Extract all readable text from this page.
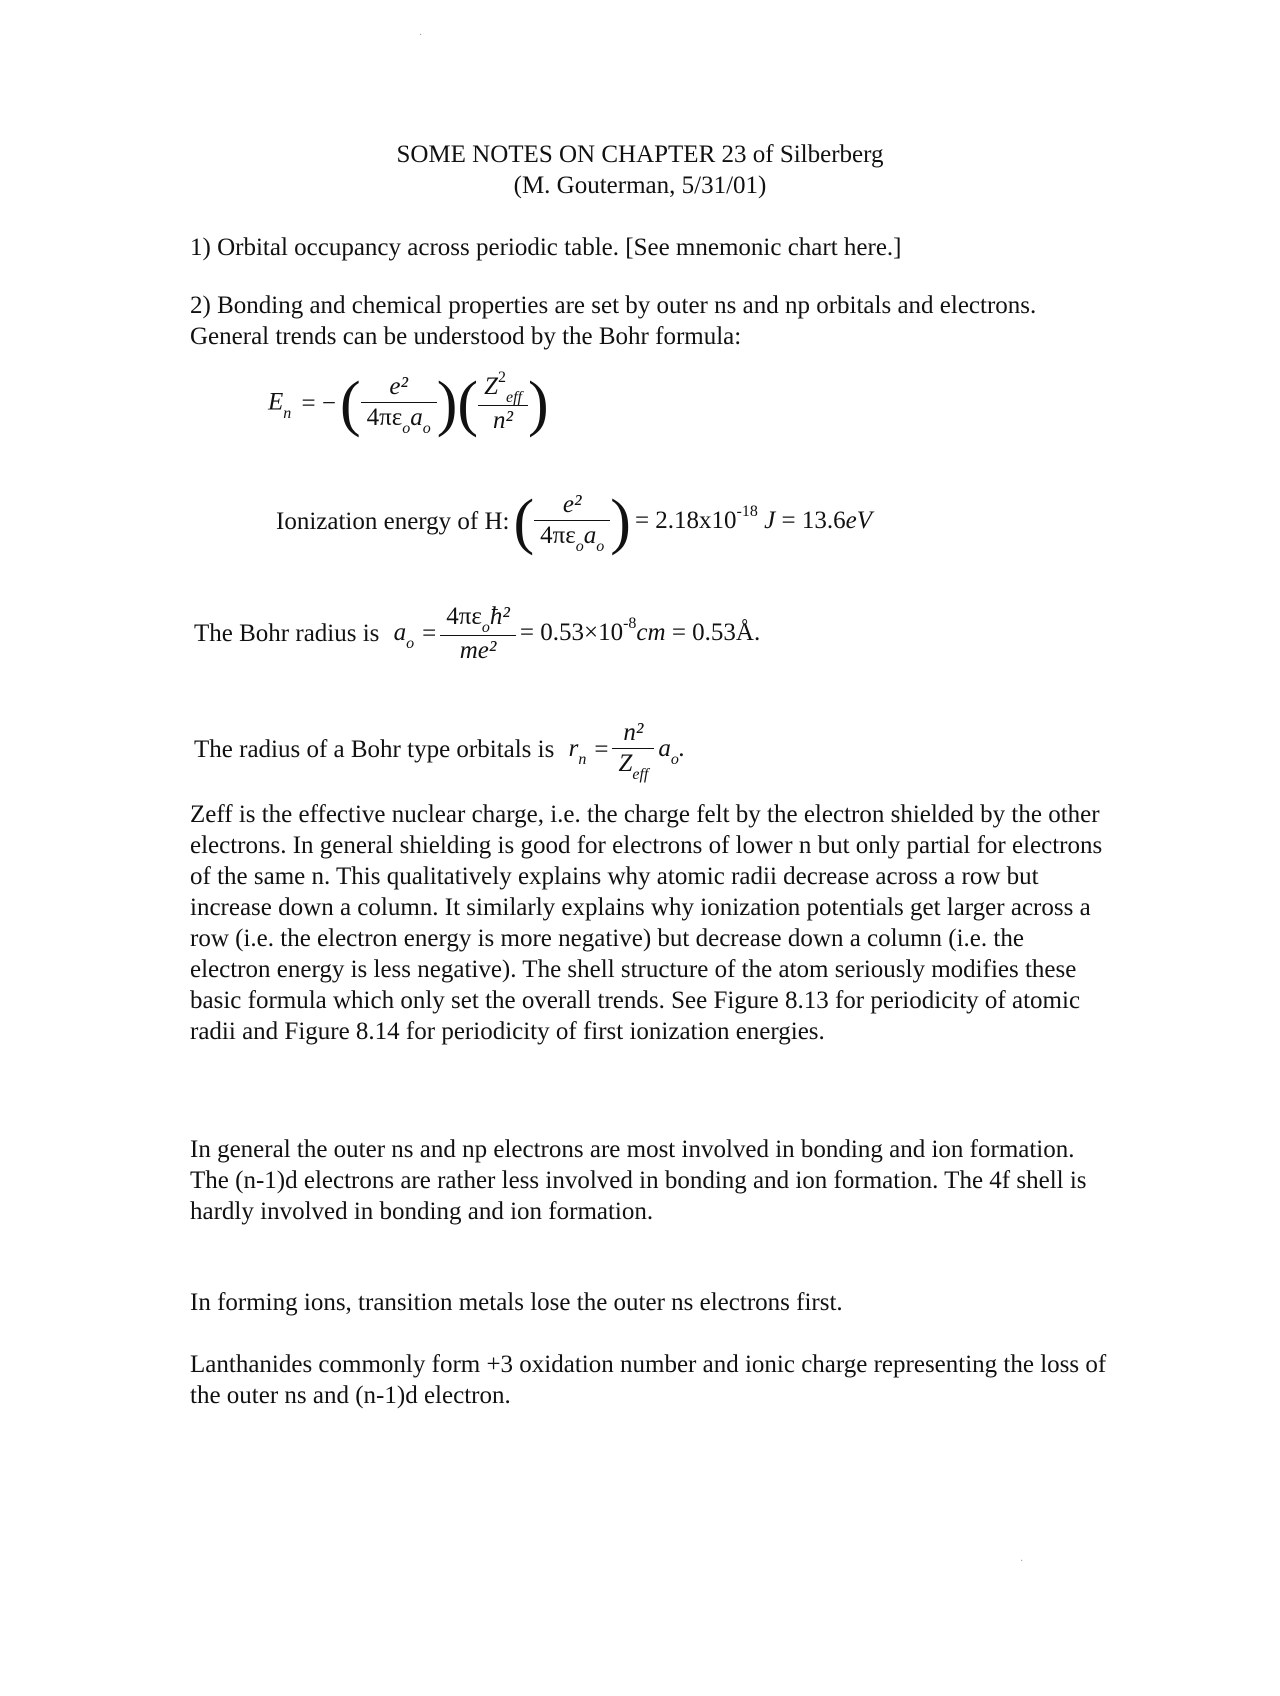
SOME NOTES ON CHAPTER 23 of Silberberg
(M. Gouterman, 5/31/01)

1) Orbital occupancy across periodic table. [See mnemonic chart here.]

2) Bonding and chemical properties are set by outer ns and np orbitals and electrons. General trends can be understood by the Bohr formula:

$E_n$ = −( $\frac{\text{e²}}{4\pi\varepsilon_oa_o}$ )( $\frac{Z^2_{eff}}{\text{n²}}$ )
Ionization energy of H:( $\frac{\text{e²}}{4\pi\varepsilon_oa_o}$ ) = $2.18x10^{-18}$ J = 13.6eV
The Bohr radius is $a_o = \frac{4\pi\varepsilon_oħ^2}{\text{me²}} = 0.53\times 10^{-8}cm$ = 0.53Å.
The radius of a Bohr type orbitals is $r_n = \frac{\text{n²}}{Z_{eff}} a_o$.

Zeff is the effective nuclear charge, i.e. the charge felt by the electron shielded by the other electrons. In general shielding is good for electrons of lower n but only partial for electrons of the same n. This qualitatively explains why atomic radii decrease across a row but increase down a column. It similarly explains why ionization potentials get larger across a row (i.e. the electron energy is more negative) but decrease down a column (i.e. the electron energy is less negative). The shell structure of the atom seriously modifies these basic formula which only set the overall trends. See Figure 8.13 for periodicity of atomic radii and Figure 8.14 for periodicity of first ionization energies.

In general the outer ns and np electrons are most involved in bonding and ion formation. The (n-1)d electrons are rather less involved in bonding and ion formation. The 4f shell is hardly involved in bonding and ion formation.

In forming ions, transition metals lose the outer ns electrons first.

Lanthanides commonly form +3 oxidation number and ionic charge representing the loss of the outer ns and (n-1)d electron.

·
·
